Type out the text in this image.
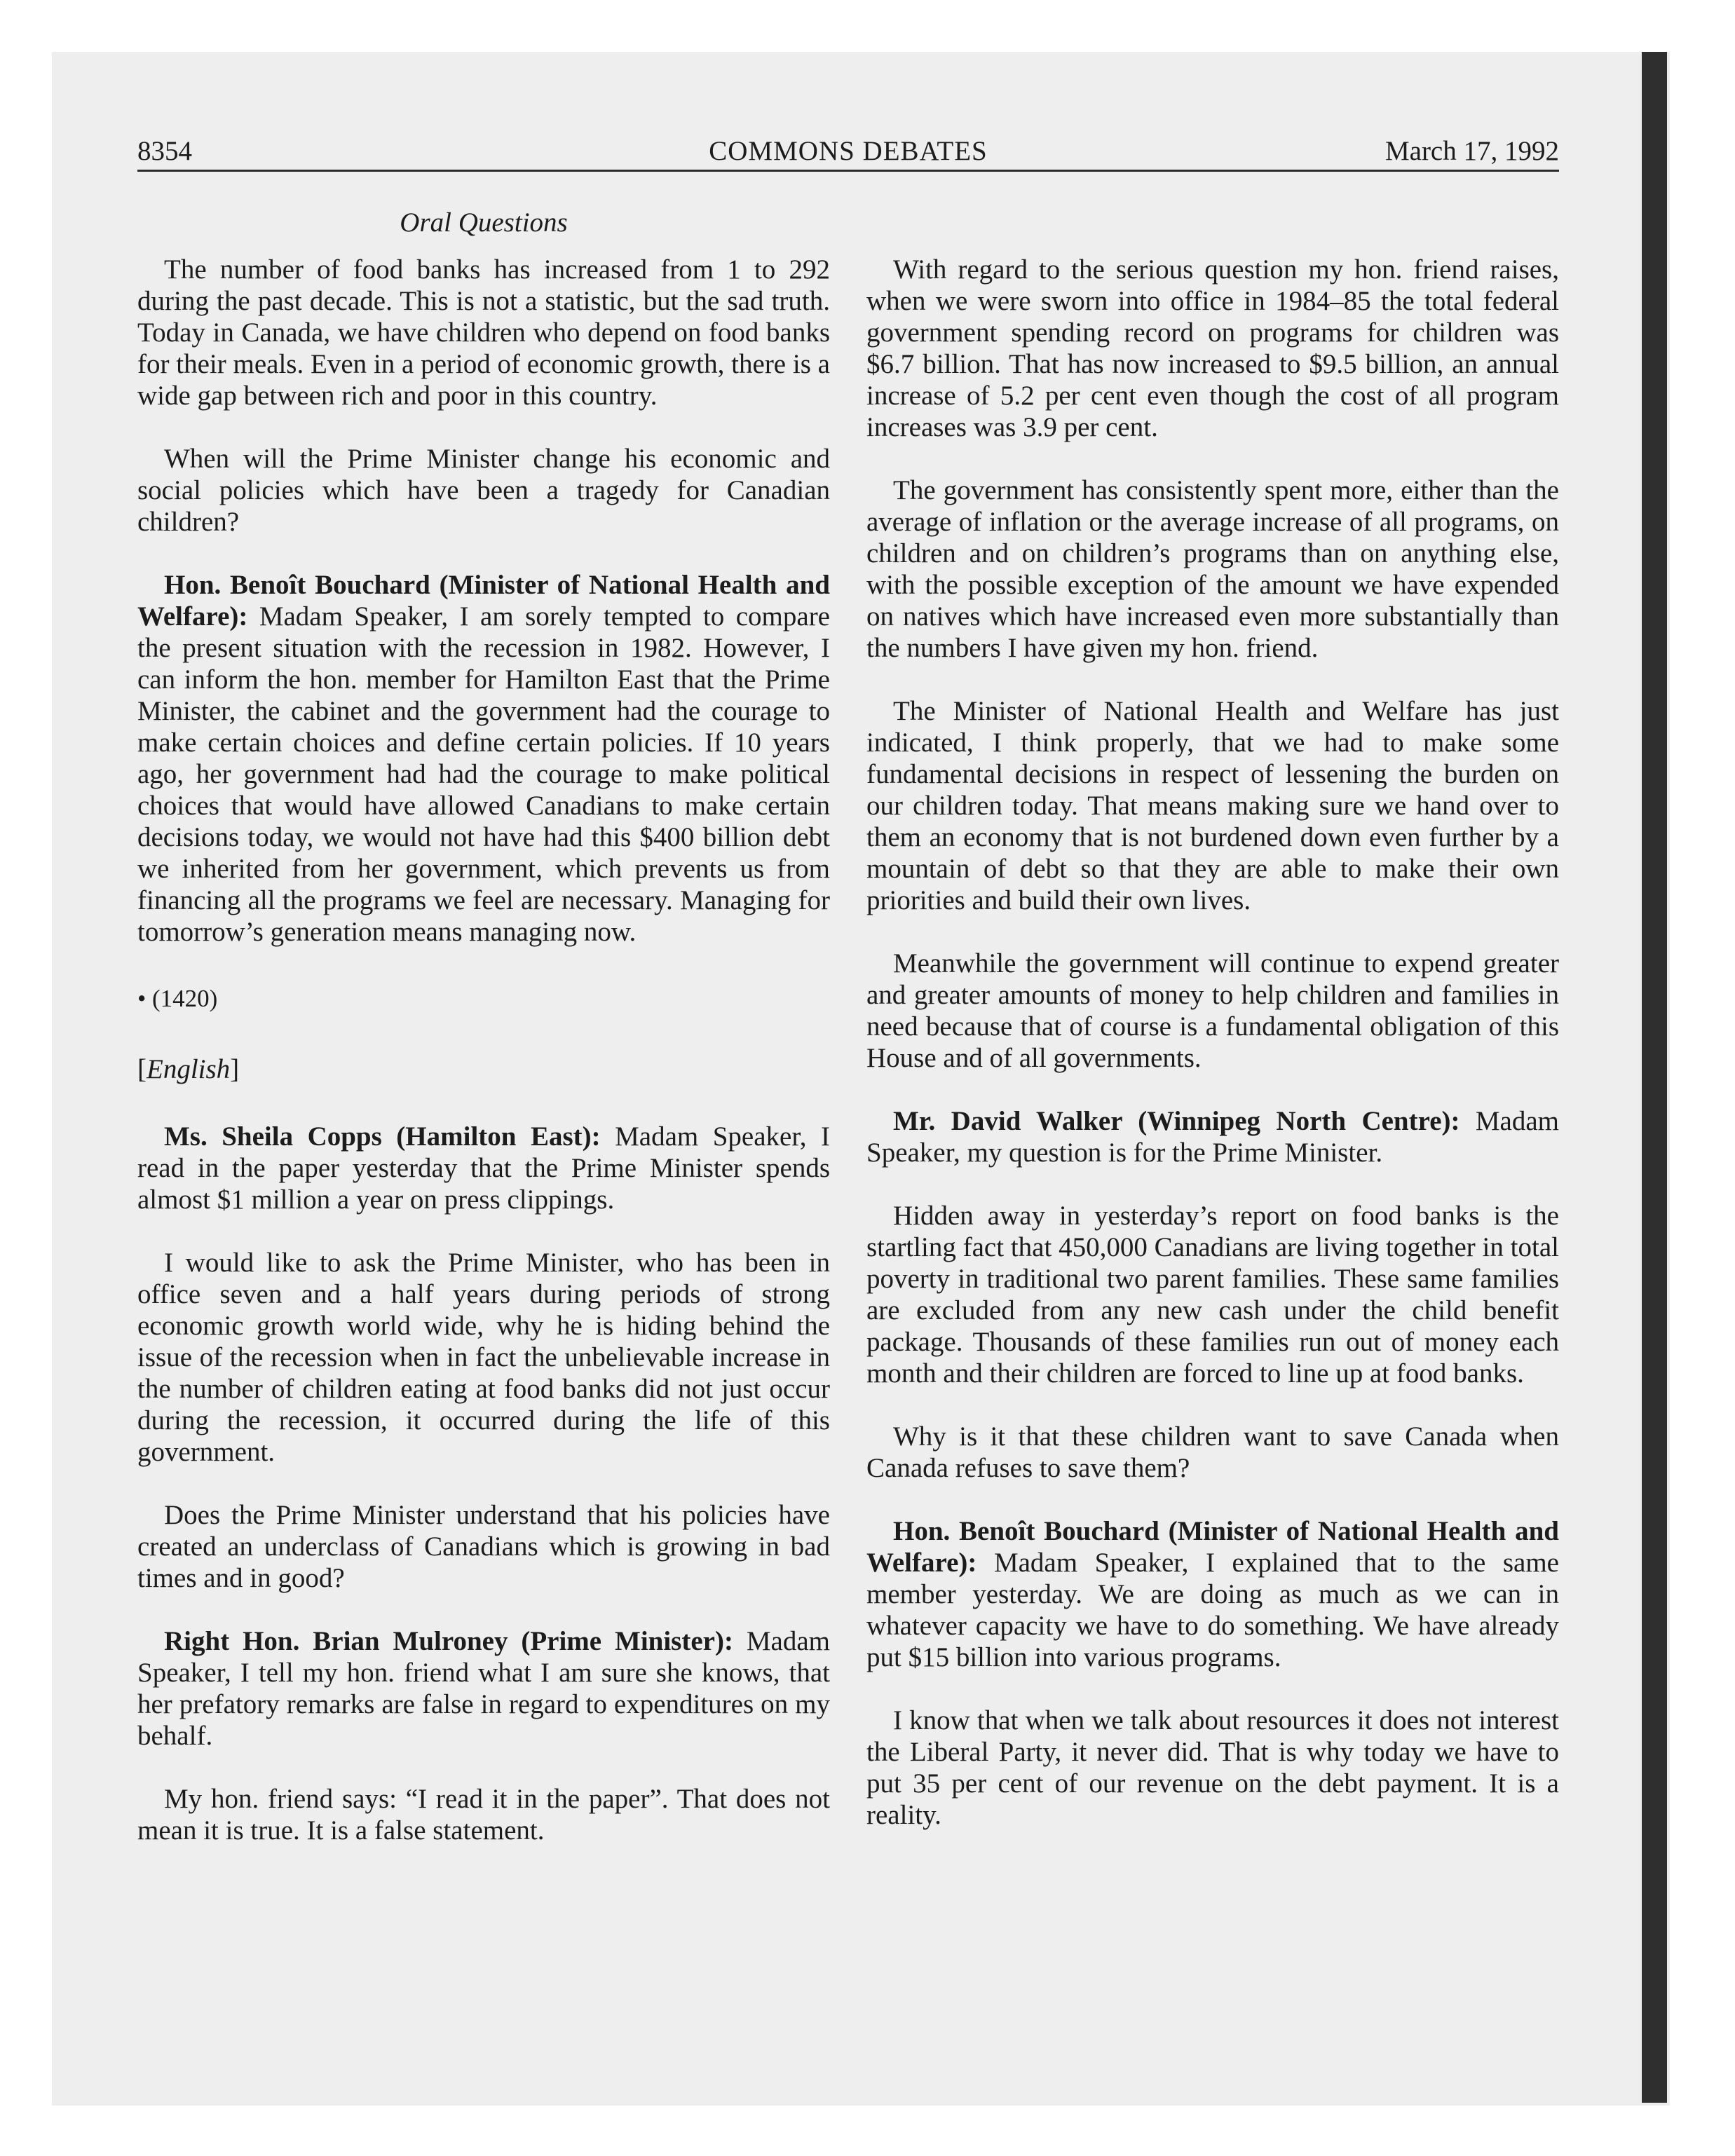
8354	COMMONS DEBATES	March 17, 1992
Oral Questions

The number of food banks has increased from 1 to 292 during the past decade. This is not a statistic, but the sad truth. Today in Canada, we have children who depend on food banks for their meals. Even in a period of economic growth, there is a wide gap between rich and poor in this country.

When will the Prime Minister change his economic and social policies which have been a tragedy for Canadian children?

Hon. Benoît Bouchard (Minister of National Health and Welfare): Madam Speaker, I am sorely tempted to compare the present situation with the recession in 1982. However, I can inform the hon. member for Hamilton East that the Prime Minister, the cabinet and the government had the courage to make certain choices and define certain policies. If 10 years ago, her government had had the courage to make political choices that would have allowed Canadians to make certain decisions today, we would not have had this $400 billion debt we inherited from her government, which prevents us from financing all the programs we feel are necessary. Managing for tomorrow’s generation means managing now.

• (1420)
[English]

Ms. Sheila Copps (Hamilton East): Madam Speaker, I read in the paper yesterday that the Prime Minister spends almost $1 million a year on press clippings.

I would like to ask the Prime Minister, who has been in office seven and a half years during periods of strong economic growth world wide, why he is hiding behind the issue of the recession when in fact the unbelievable increase in the number of children eating at food banks did not just occur during the recession, it occurred during the life of this government.

Does the Prime Minister understand that his policies have created an underclass of Canadians which is growing in bad times and in good?

Right Hon. Brian Mulroney (Prime Minister): Madam Speaker, I tell my hon. friend what I am sure she knows, that her prefatory remarks are false in regard to expenditures on my behalf.

My hon. friend says: “I read it in the paper”. That does not mean it is true. It is a false statement.

With regard to the serious question my hon. friend raises, when we were sworn into office in 1984–85 the total federal government spending record on programs for children was $6.7 billion. That has now increased to $9.5 billion, an annual increase of 5.2 per cent even though the cost of all program increases was 3.9 per cent.

The government has consistently spent more, either than the average of inflation or the average increase of all programs, on children and on children’s programs than on anything else, with the possible exception of the amount we have expended on natives which have increased even more substantially than the numbers I have given my hon. friend.

The Minister of National Health and Welfare has just indicated, I think properly, that we had to make some fundamental decisions in respect of lessening the burden on our children today. That means making sure we hand over to them an economy that is not burdened down even further by a mountain of debt so that they are able to make their own priorities and build their own lives.

Meanwhile the government will continue to expend greater and greater amounts of money to help children and families in need because that of course is a fundamental obligation of this House and of all governments.

Mr. David Walker (Winnipeg North Centre): Madam Speaker, my question is for the Prime Minister.

Hidden away in yesterday’s report on food banks is the startling fact that 450,000 Canadians are living together in total poverty in traditional two parent families. These same families are excluded from any new cash under the child benefit package. Thousands of these families run out of money each month and their children are forced to line up at food banks.

Why is it that these children want to save Canada when Canada refuses to save them?

Hon. Benoît Bouchard (Minister of National Health and Welfare): Madam Speaker, I explained that to the same member yesterday. We are doing as much as we can in whatever capacity we have to do something. We have already put $15 billion into various programs.

I know that when we talk about resources it does not interest the Liberal Party, it never did. That is why today we have to put 35 per cent of our revenue on the debt payment. It is a reality.
